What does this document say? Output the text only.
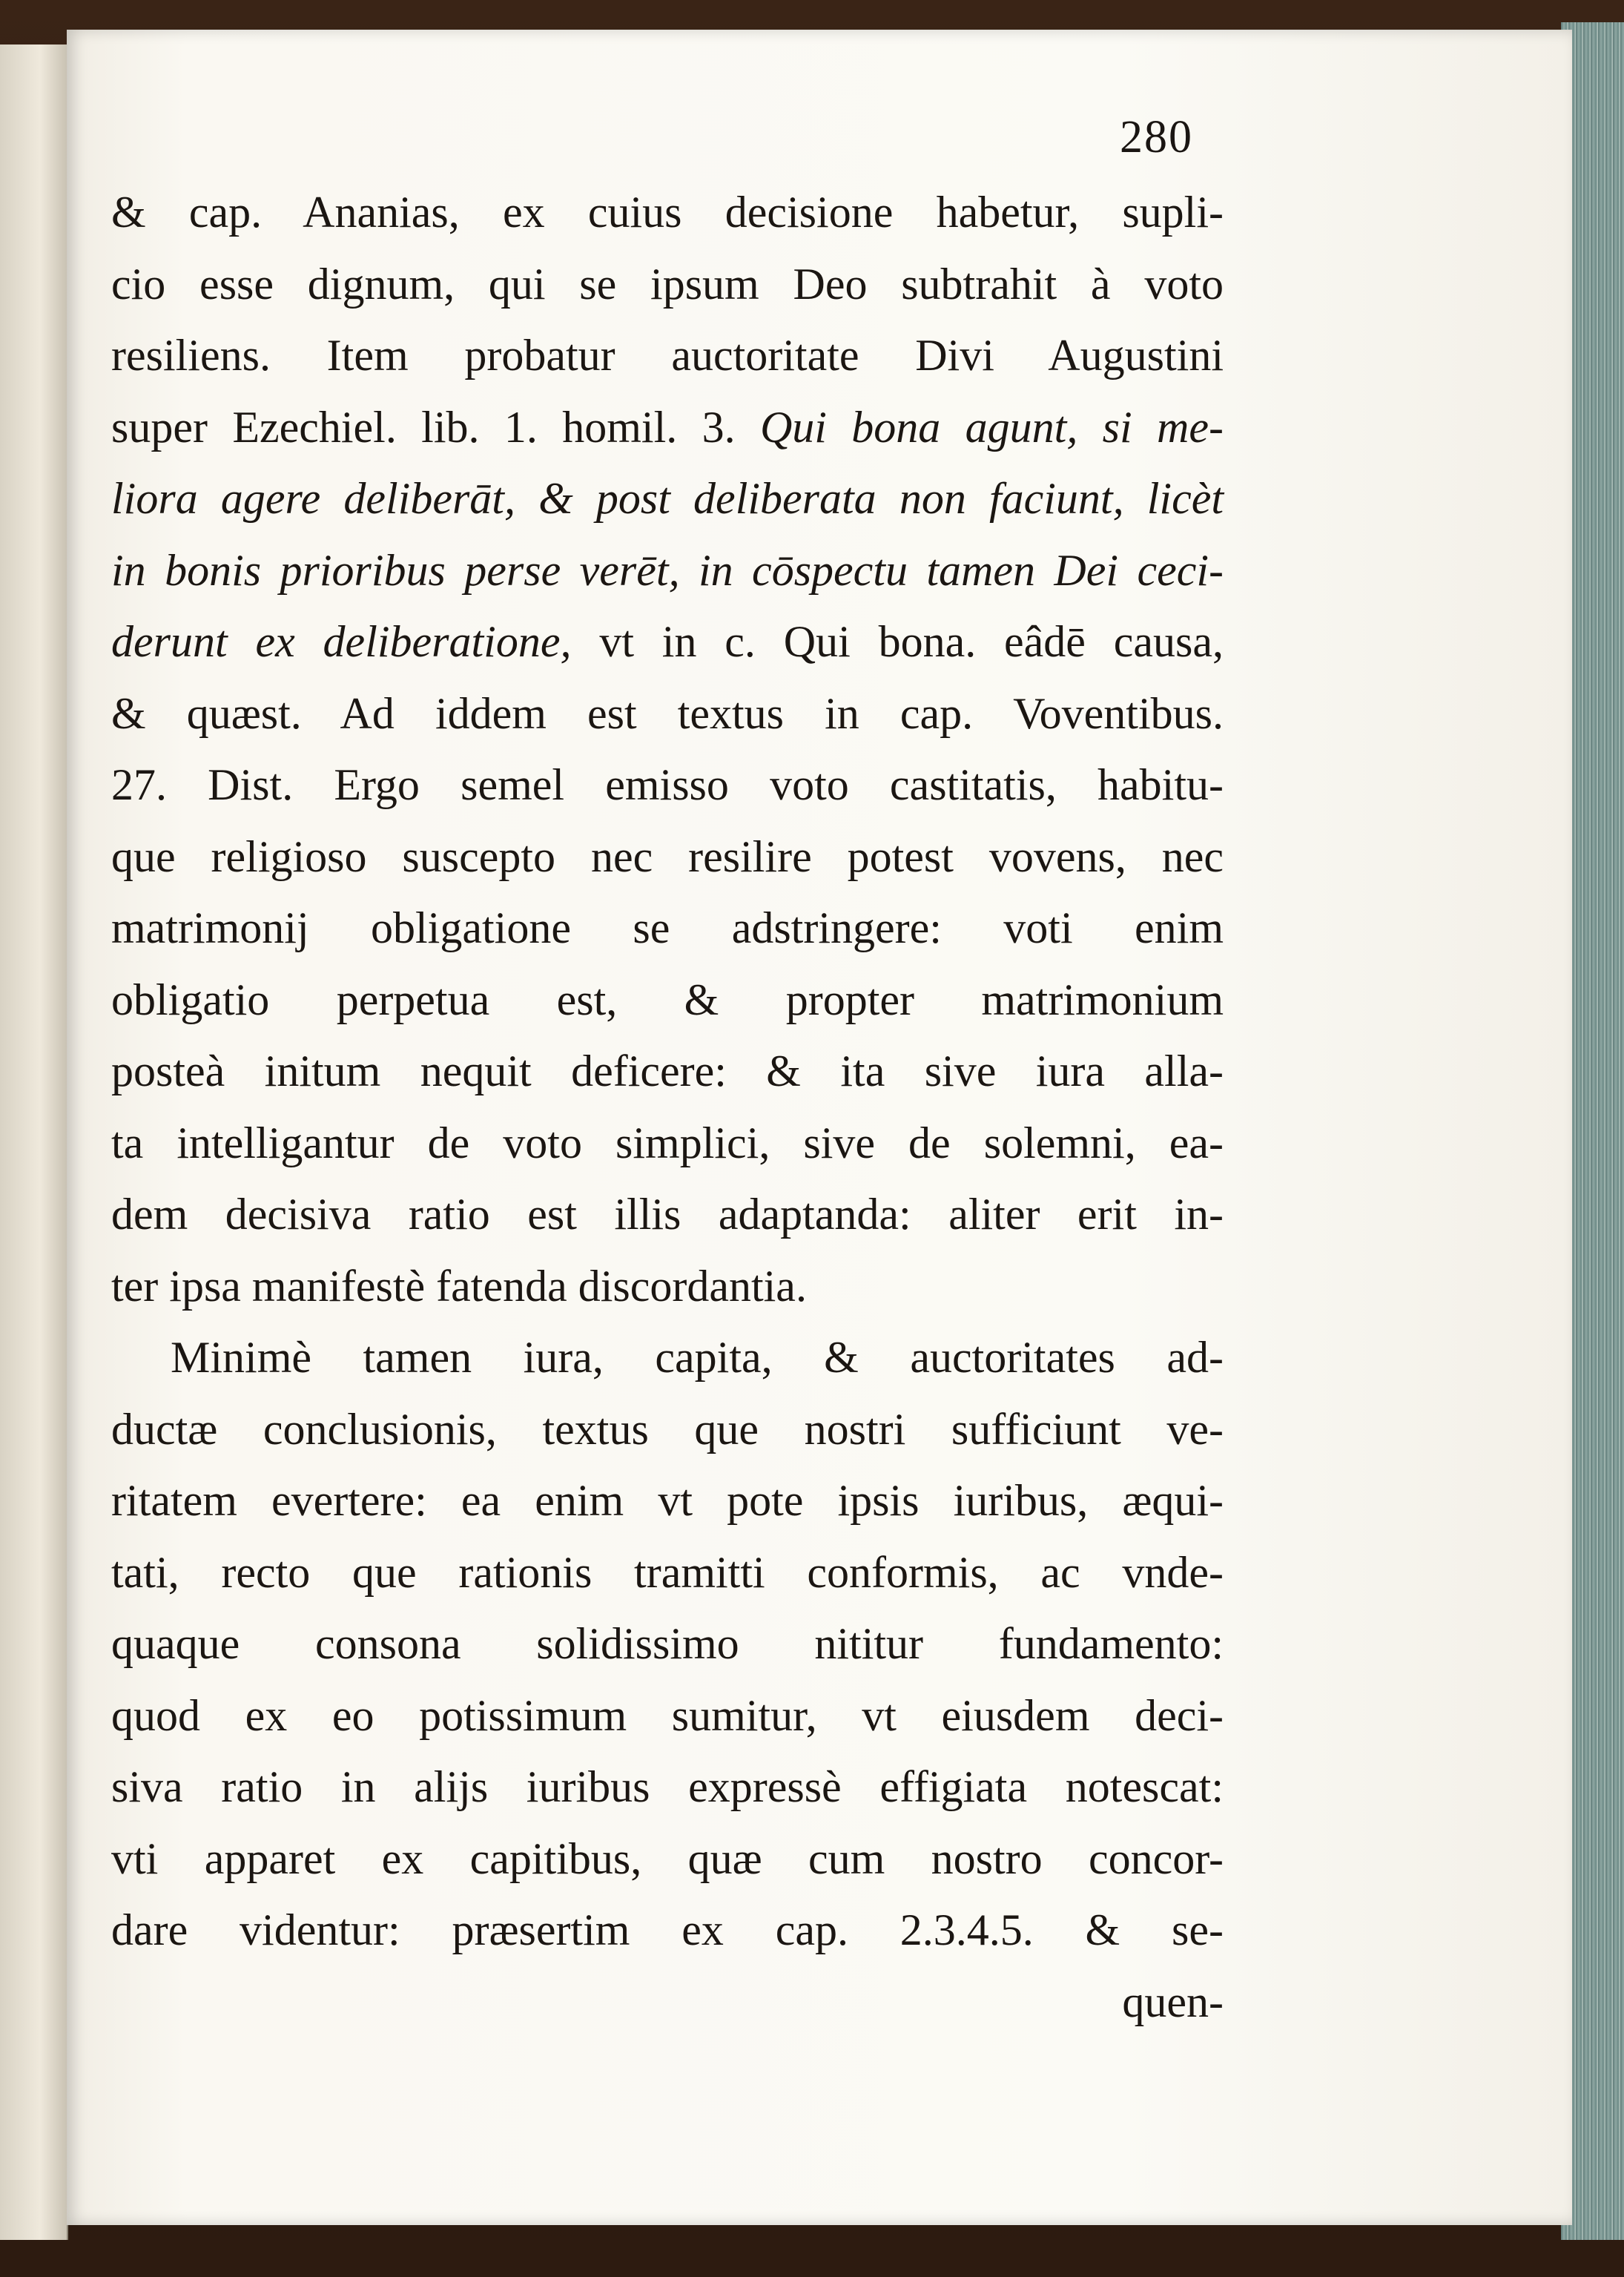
280
& cap. Ananias, ex cuius decisione habetur, supli-
cio esse dignum, qui se ipsum Deo subtrahit à voto
resiliens. Item probatur auctoritate Divi Augustini
super Ezechiel. lib. 1. homil. 3. Qui bona agunt, si me-
liora agere deliberāt, & post deliberata non faciunt, licèt
in bonis prioribus perse verēt, in cōspectu tamen Dei ceci-
derunt ex deliberatione, vt in c. Qui bona. eâdē causa,
& quæst. Ad iddem est textus in cap. Voventibus.
27. Dist. Ergo semel emisso voto castitatis, habitu-
que religioso suscepto nec resilire potest vovens, nec
matrimonij obligatione se adstringere: voti enim
obligatio perpetua est, & propter matrimonium
posteà initum nequit deficere: & ita sive iura alla-
ta intelligantur de voto simplici, sive de solemni, ea-
dem decisiva ratio est illis adaptanda: aliter erit in-
ter ipsa manifestè fatenda discordantia.
Minimè tamen iura, capita, & auctoritates ad-
ductæ conclusionis, textus que nostri sufficiunt ve-
ritatem evertere: ea enim vt pote ipsis iuribus, æqui-
tati, recto que rationis tramitti conformis, ac vnde-
quaque consona solidissimo nititur fundamento:
quod ex eo potissimum sumitur, vt eiusdem deci-
siva ratio in alijs iuribus expressè effigiata notescat:
vti apparet ex capitibus, quæ cum nostro concor-
dare videntur: præsertim ex cap. 2.3.4.5. & se-
quen-
